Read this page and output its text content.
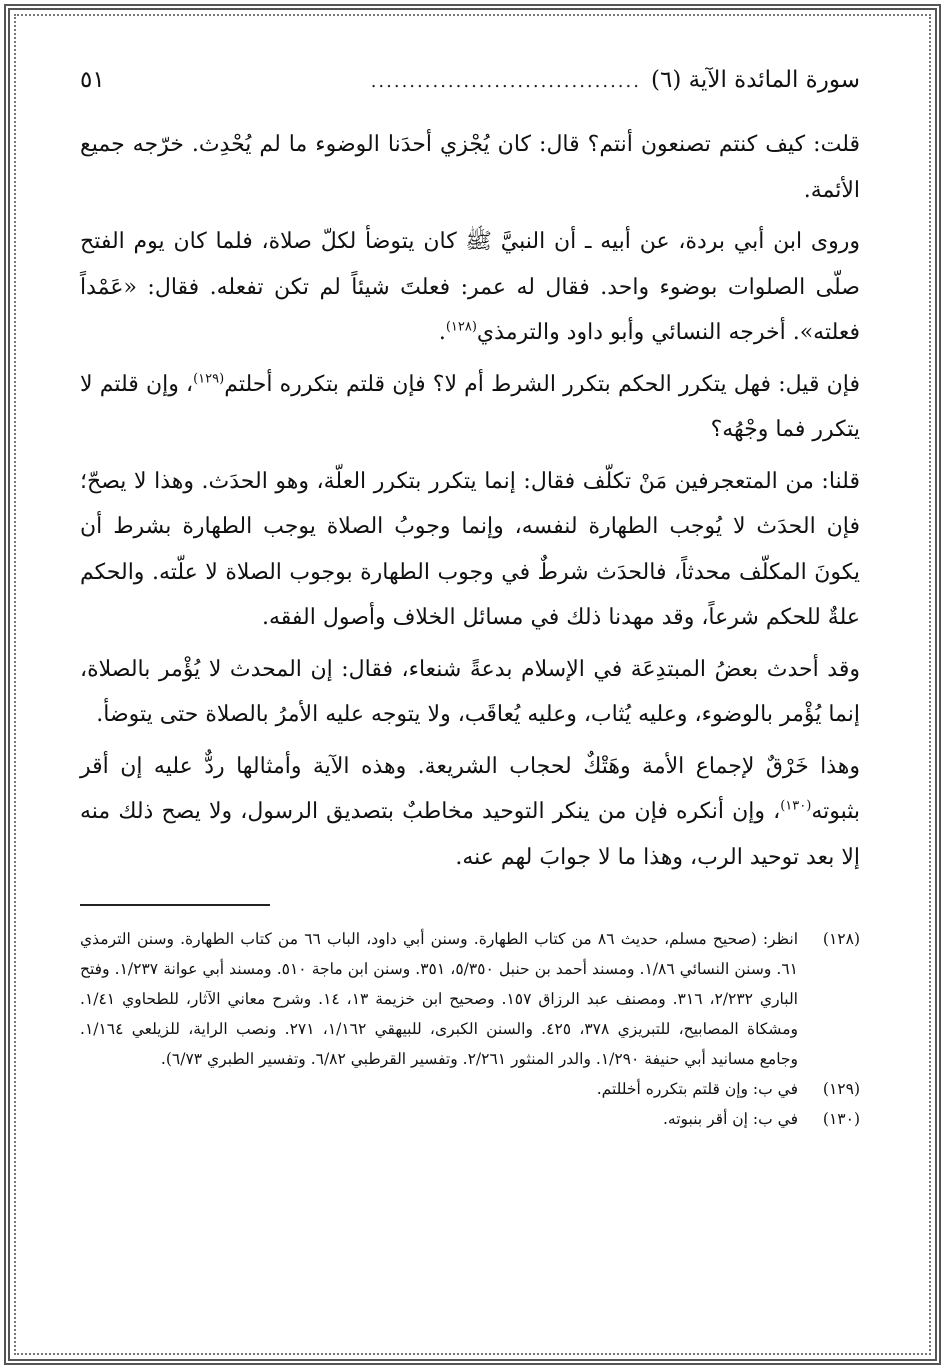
سورة المائدة الآية (٦)
...................................
٥١

قلت: كيف كنتم تصنعون أنتم؟ قال: كان يُجْزي أحدَنا الوضوء ما لم يُحْدِث. خرّجه جميع الأئمة.

وروى ابن أبي بردة، عن أبيه ـ أن النبيَّ ﷺ كان يتوضأ لكلّ صلاة، فلما كان يوم الفتح صلّى الصلوات بوضوء واحد. فقال له عمر: فعلتَ شيئاً لم تكن تفعله. فقال: «عَمْداً فعلته». أخرجه النسائي وأبو داود والترمذي$^{(١٢٨)}$.

فإن قيل: فهل يتكرر الحكم بتكرر الشرط أم لا؟ فإن قلتم بتكرره أحلتم$^{(١٢٩)}$، وإن قلتم لا يتكرر فما وجْهُه؟

قلنا: من المتعجرفين مَنْ تكلّف فقال: إنما يتكرر بتكرر العلّة، وهو الحدَث. وهذا لا يصحّ؛ فإن الحدَث لا يُوجب الطهارة لنفسه، وإنما وجوبُ الصلاة يوجب الطهارة بشرط أن يكونَ المكلّف محدثاً، فالحدَث شرطٌ في وجوب الطهارة بوجوب الصلاة لا علّته. والحكم علةٌ للحكم شرعاً، وقد مهدنا ذلك في مسائل الخلاف وأصول الفقه.

وقد أحدث بعضُ المبتدِعَة في الإسلام بدعةً شنعاء، فقال: إن المحدث لا يُؤْمر بالصلاة، إنما يُؤْمر بالوضوء، وعليه يُثاب، وعليه يُعاقَب، ولا يتوجه عليه الأمرُ بالصلاة حتى يتوضأ.

وهذا خَرْقٌ لإجماع الأمة وهَتْكٌ لحجاب الشريعة. وهذه الآية وأمثالها ردٌّ عليه إن أقر بثبوته$^{(١٣٠)}$، وإن أنكره فإن من ينكر التوحيد مخاطبٌ بتصديق الرسول، ولا يصح ذلك منه إلا بعد توحيد الرب، وهذا ما لا جوابَ لهم عنه.

(١٢٨)
انظر: (صحيح مسلم، حديث ٨٦ من كتاب الطهارة. وسنن أبي داود، الباب ٦٦ من كتاب الطهارة. وسنن الترمذي ٦١. وسنن النسائي ١/٨٦. ومسند أحمد بن حنبل ٥/٣٥٠، ٣٥١. وسنن ابن ماجة ٥١٠. ومسند أبي عوانة ١/٢٣٧. وفتح الباري ٢/٢٣٢، ٣١٦. ومصنف عبد الرزاق ١٥٧. وصحيح ابن خزيمة ١٣، ١٤. وشرح معاني الآثار، للطحاوي ١/٤١. ومشكاة المصابيح، للتبريزي ٣٧٨، ٤٢٥. والسنن الكبرى، للبيهقي ١/١٦٢، ٢٧١. ونصب الراية، للزيلعي ١/١٦٤. وجامع مسانيد أبي حنيفة ١/٢٩٠. والدر المنثور ٢/٢٦١. وتفسير القرطبي ٦/٨٢. وتفسير الطبري ٦/٧٣).
(١٢٩)
في ب: وإن قلتم بتكرره أخللتم.
(١٣٠)
في ب: إن أقر بنبوته.
